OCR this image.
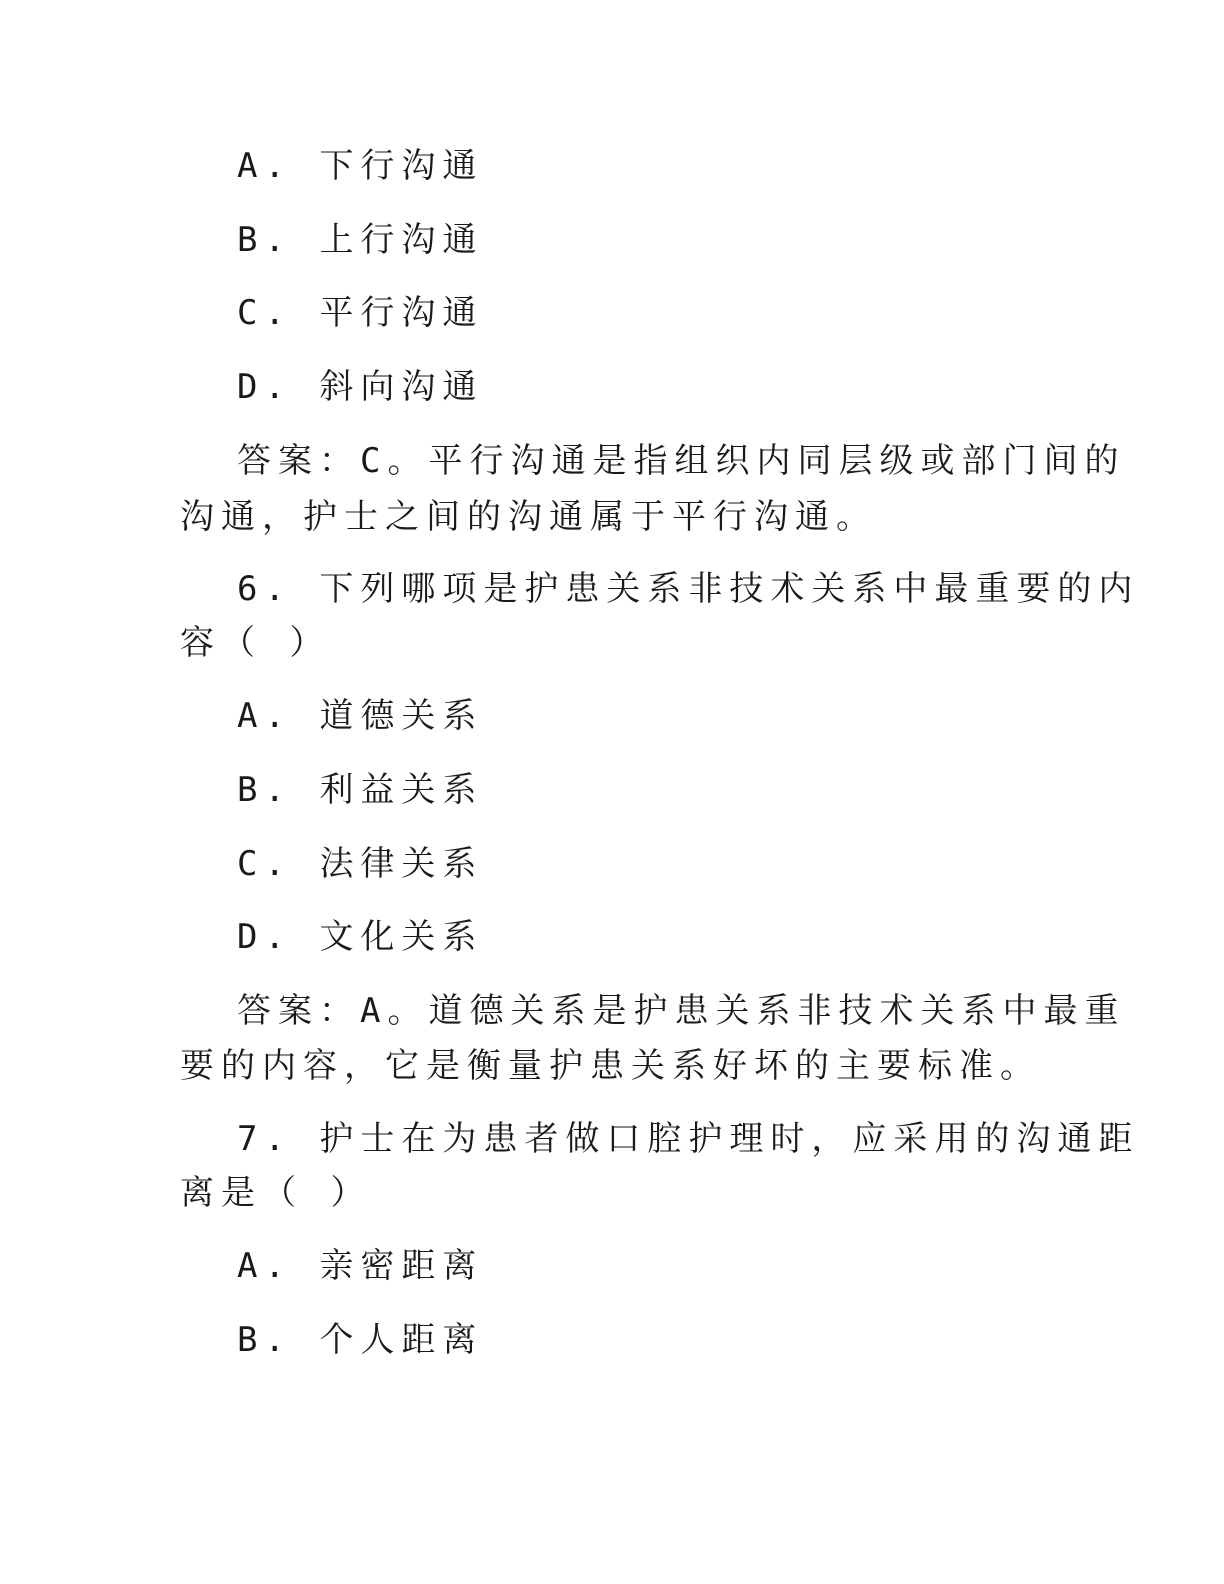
A. 下行沟通
B. 上行沟通
C. 平行沟通
D. 斜向沟通
答案：C。平行沟通是指组织内同层级或部门间的
沟通，护士之间的沟通属于平行沟通。
6. 下列哪项是护患关系非技术关系中最重要的内
容（ ）
A. 道德关系
B. 利益关系
C. 法律关系
D. 文化关系
答案：A。道德关系是护患关系非技术关系中最重
要的内容，它是衡量护患关系好坏的主要标准。
7. 护士在为患者做口腔护理时，应采用的沟通距
离是（ ）
A. 亲密距离
B. 个人距离
